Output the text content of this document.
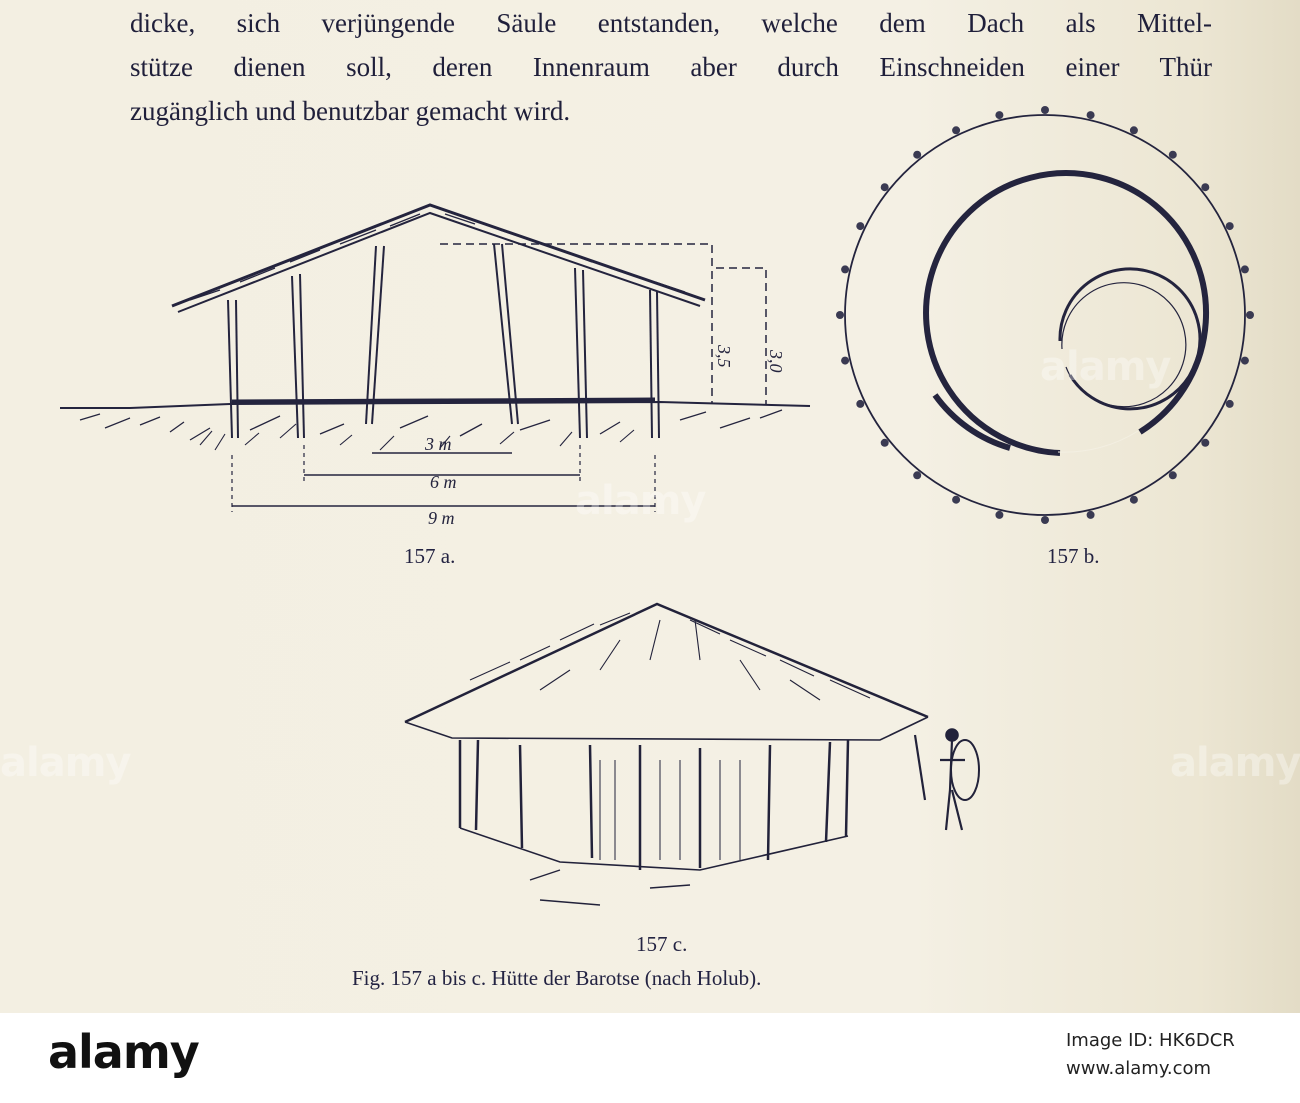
dicke, sich verjüngende Säule entstanden, welche dem Dach als Mittel-
stütze dienen soll, deren Innenraum aber durch Einschneiden einer Thür
zugänglich und benutzbar gemacht wird.
3,5 3,0
3 m
6 m
9 m
157 a.	157 b.
157 c.
Fig. 157 a bis c. Hütte der Barotse (nach Holub).
alamy
alamy
alamy	alamy
alamy	Image ID: HK6DCR
www.alamy.com
